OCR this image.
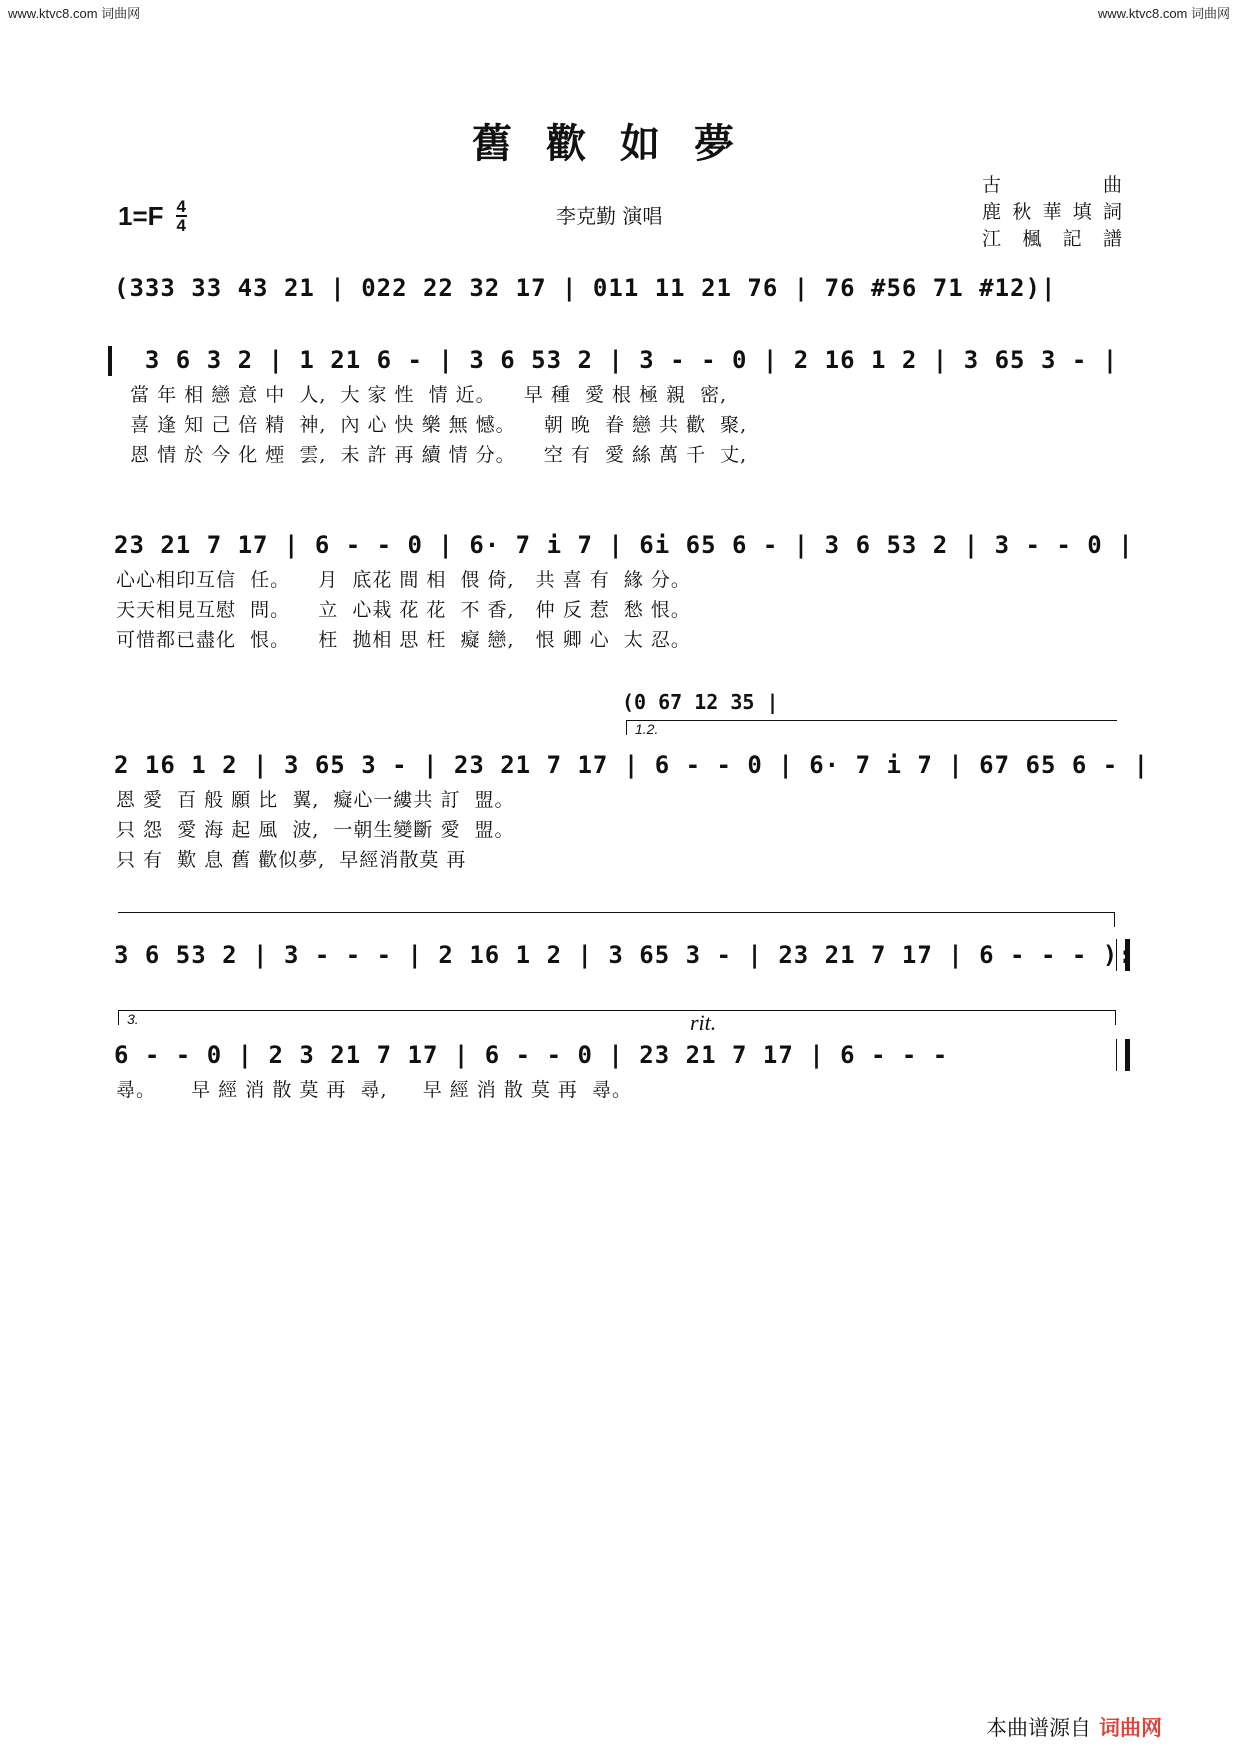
www.ktvc8.com 词曲网	www.ktvc8.com 词曲网
舊歡如夢
1=F 4
4	李克勤 演唱
古曲
鹿秋華填詞
江楓記譜
(333 33 43 21 | 022 22 32 17 | 011 11 21 76 | 76 #56 71 #12)|
3 6 3 2 | 1 21 6 - | 3 6 53 2 | 3 - - 0 | 2 16 1 2 | 3 65 3 - |
當 年 相 戀 意 中  人,  大 家 性  情 近。    早 種  愛 根 極 親  密,
喜 逢 知 己 倍 精  神,  內 心 快 樂 無 憾。    朝 晚  眷 戀 共 歡  聚,
恩 情 於 今 化 煙  雲,  未 許 再 續 情 分。    空 有  愛 絲 萬 千  丈,
23 21 7 17 | 6 - - 0 | 6· 7 i 7 | 6i 65 6 - | 3 6 53 2 | 3 - - 0 |
心心相印互信  任。    月  底花 間 相  偎 倚,   共 喜 有  緣 分。
天天相見互慰  問。    立  心栽 花 花  不 香,   仲 反 惹  愁 恨。
可惜都已盡化  恨。    枉  拋相 思 枉  癡 戀,   恨 卿 心  太 忍。
(0 67 12 35 |
1.2.
2 16 1 2 | 3 65 3 - | 23 21 7 17 | 6 - - 0 | 6· 7 i 7 | 67 65 6 - |
恩 愛  百 般 願 比  翼,  癡心一縷共 訂  盟。
只 怨  愛 海 起 風  波,  一朝生變斷 愛  盟。
只 有  歎 息 舊 歡似夢,  早經消散莫 再
3 6 53 2 | 3 - - - | 2 16 1 2 | 3 65 3 - | 23 21 7 17 | 6 - - - ):
3.	rit.
6 - - 0 | 2 3 21 7 17 | 6 - - 0 | 23 21 7 17 | 6 - - -
尋。     早 經 消 散 莫 再  尋,     早 經 消 散 莫 再  尋。
本曲谱源自 词曲网
